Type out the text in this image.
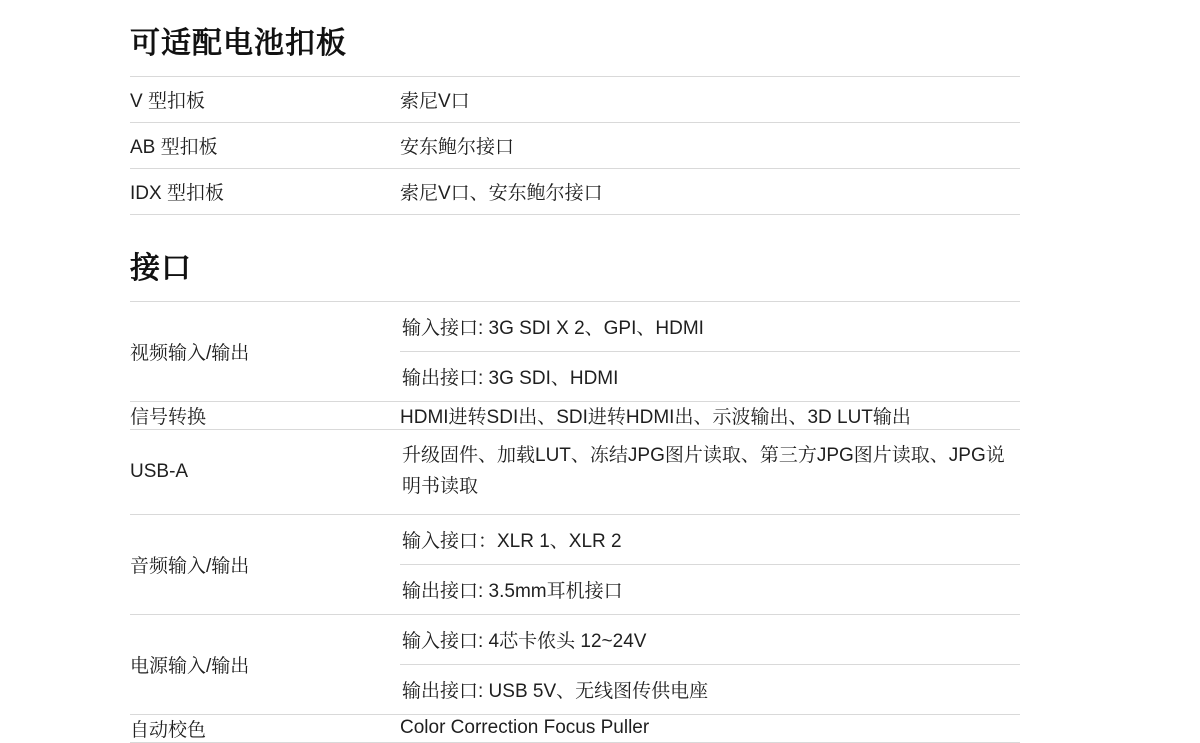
可适配电池扣板
V 型扣板	索尼V口
AB 型扣板	安东鲍尔接口
IDX 型扣板	索尼V口、安东鲍尔接口
接口
视频输入/输出	输入接口: 3G SDI X 2、GPI、HDMI
输出接口: 3G SDI、HDMI

信号转换	HDMI进转SDI出、SDI进转HDMI出、示波输出、3D LUT输出
USB-A	升级固件、加载LUT、冻结JPG图片读取、第三方JPG图片读取、JPG说明书读取

音频输入/输出	输入接口：XLR 1、XLR 2
输出接口: 3.5mm耳机接口

电源输入/输出	输入接口: 4芯卡侬头 12~24V
输出接口: USB 5V、无线图传供电座

自动校色	Color Correction Focus Puller
